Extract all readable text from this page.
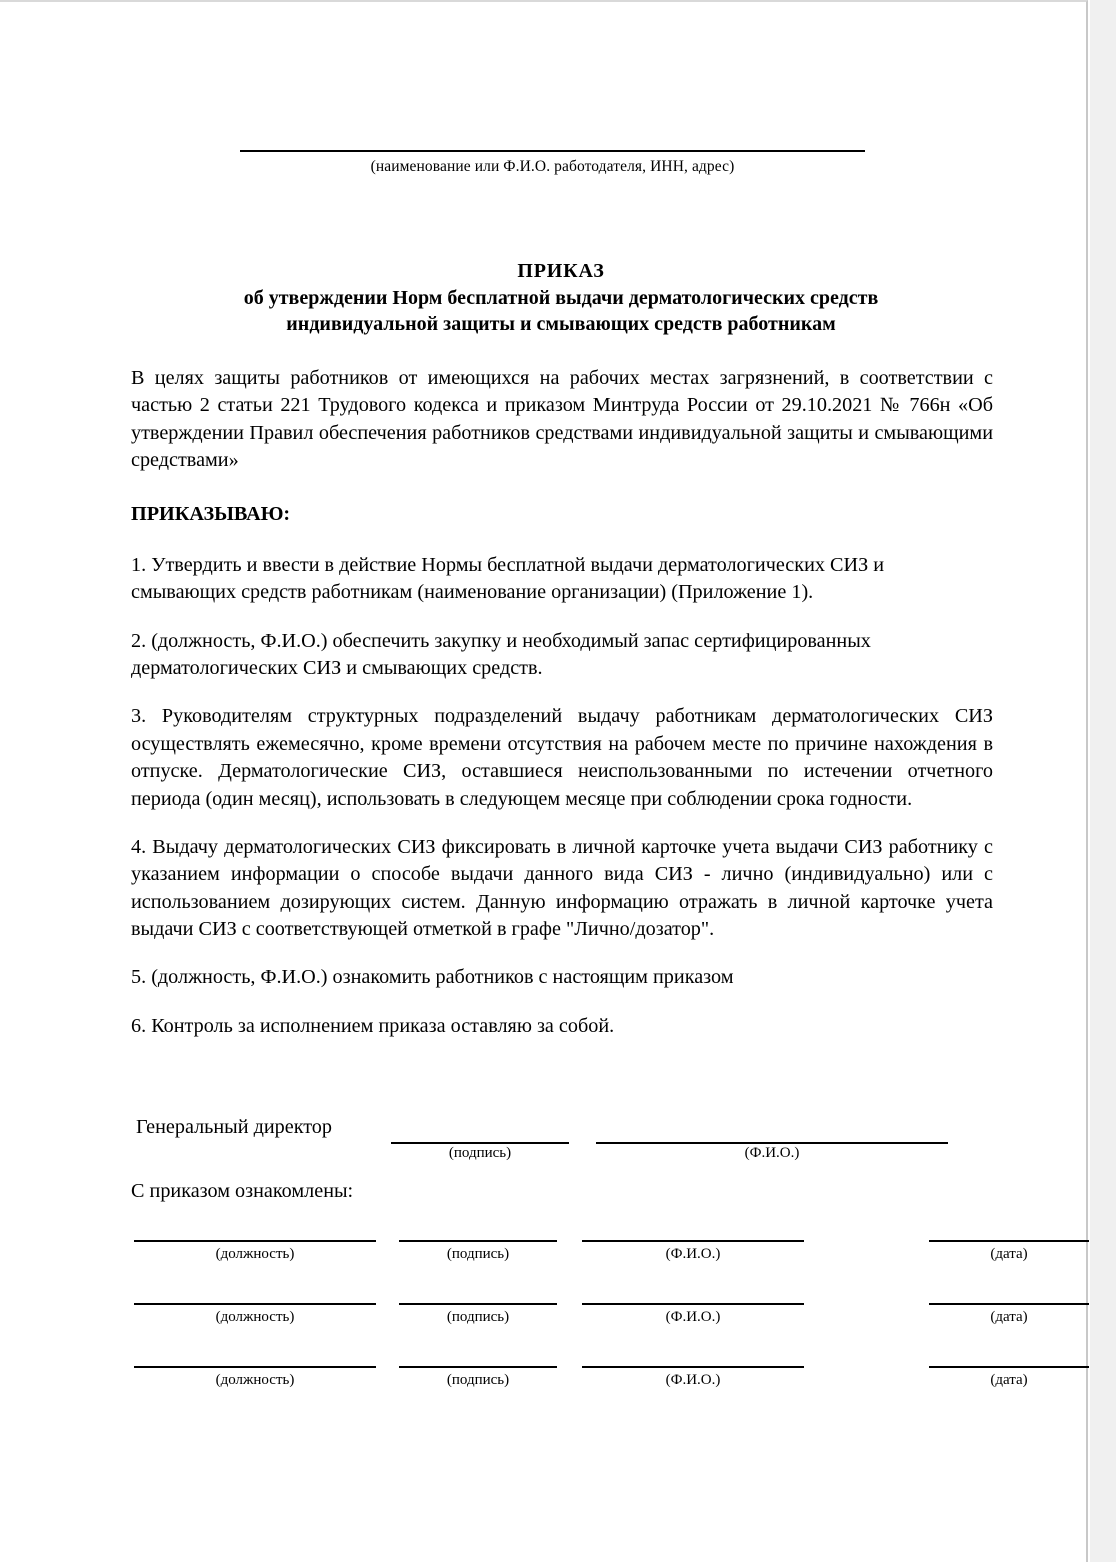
(наименование или Ф.И.О. работодателя, ИНН, адрес)
ПРИКАЗ
об утверждении Норм бесплатной выдачи дерматологических средств
индивидуальной защиты и смывающих средств работникам

В целях защиты работников от имеющихся на рабочих местах загрязнений, в соответствии с частью 2 статьи 221 Трудового кодекса и приказом Минтруда России от 29.10.2021 № 766н «Об утверждении Правил обеспечения работников средствами индивидуальной защиты и смывающими средствами»

ПРИКАЗЫВАЮ:

1. Утвердить и ввести в действие Нормы бесплатной выдачи дерматологических СИЗ и смывающих средств работникам (наименование организации) (Приложение 1).

2. (должность, Ф.И.О.) обеспечить закупку и необходимый запас сертифицированных дерматологических СИЗ и смывающих средств.

3. Руководителям структурных подразделений выдачу работникам дерматологических СИЗ осуществлять ежемесячно, кроме времени отсутствия на рабочем месте по причине нахождения в отпуске. Дерматологические СИЗ, оставшиеся неиспользованными по истечении отчетного периода (один месяц), использовать в следующем месяце при соблюдении срока годности.

4. Выдачу дерматологических СИЗ фиксировать в личной карточке учета выдачи СИЗ работнику с указанием информации о способе выдачи данного вида СИЗ - лично (индивидуально) или с использованием дозирующих систем. Данную информацию отражать в личной карточке учета выдачи СИЗ с соответствующей отметкой в графе "Лично/дозатор".

5. (должность, Ф.И.О.) ознакомить работников с настоящим приказом

6. Контроль за исполнением приказа оставляю за собой.

Генеральный директор
(подпись)	(Ф.И.О.)
С приказом ознакомлены:
(должность)	(подпись)	(Ф.И.О.)	(дата)
(должность)	(подпись)	(Ф.И.О.)	(дата)
(должность)	(подпись)	(Ф.И.О.)	(дата)
